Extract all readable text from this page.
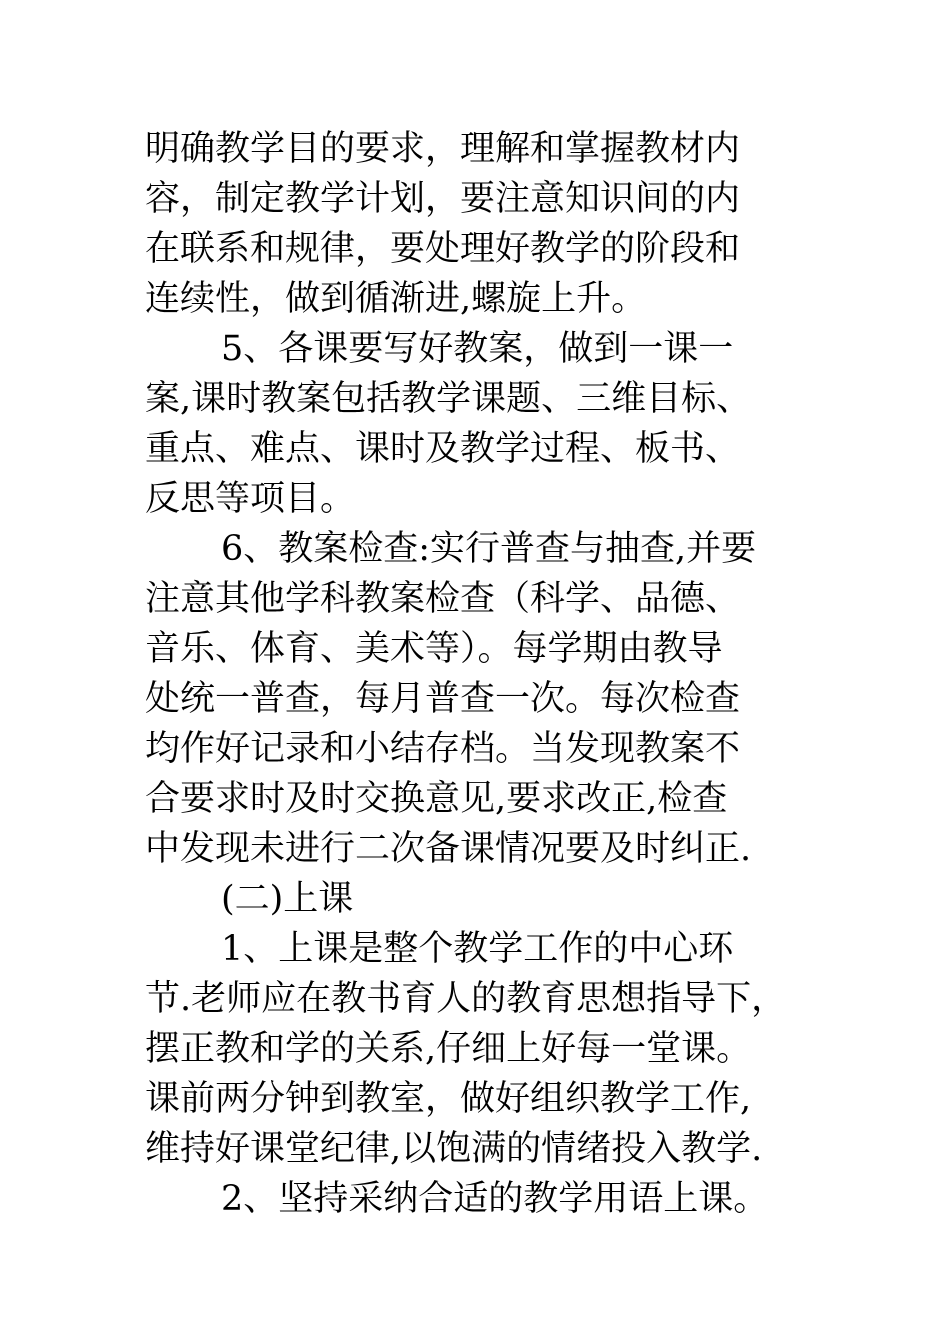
明确教学目的要求，理解和掌握教材内
容，制定教学计划，要注意知识间的内
在联系和规律，要处理好教学的阶段和
连续性，做到循渐进,螺旋上升。
5、各课要写好教案，做到一课一
案,课时教案包括教学课题、三维目标、
重点、难点、课时及教学过程、板书、
反思等项目。
6、教案检查:实行普查与抽查,并要
注意其他学科教案检查（科学、品德、
音乐、体育、美术等）。每学期由教导
处统一普查，每月普查一次。每次检查
均作好记录和小结存档。当发现教案不
合要求时及时交换意见,要求改正,检查
中发现未进行二次备课情况要及时纠正.
(二)上课
1、上课是整个教学工作的中心环
节.老师应在教书育人的教育思想指导下，
摆正教和学的关系,仔细上好每一堂课。
课前两分钟到教室，做好组织教学工作,
维持好课堂纪律,以饱满的情绪投入教学.
2、坚持采纳合适的教学用语上课。
